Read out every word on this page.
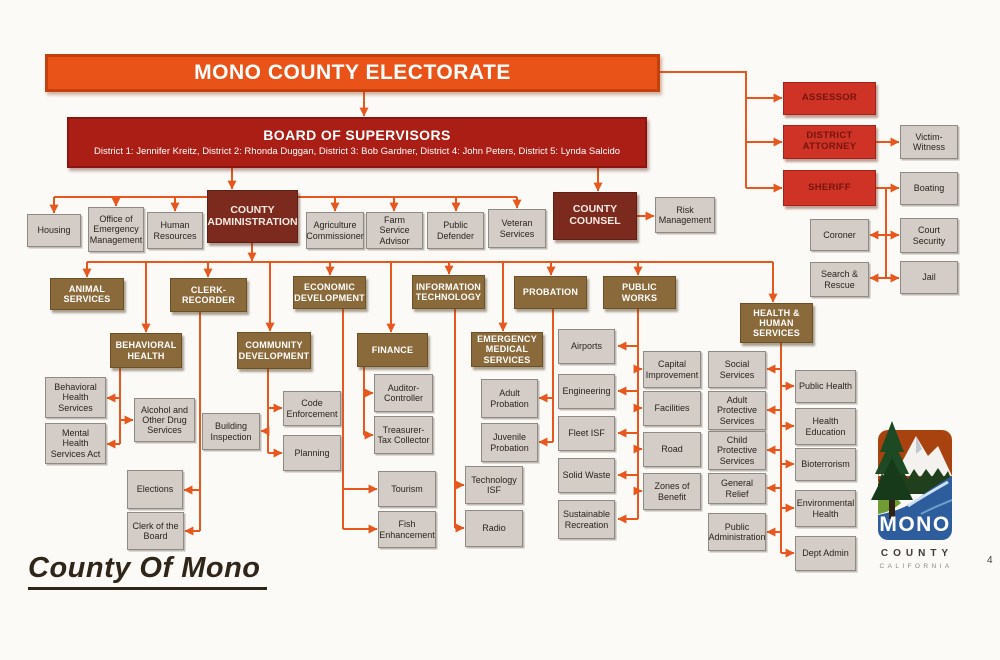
MONO COUNTY ELECTORATE
BOARD OF SUPERVISORS
District 1: Jennifer Kreitz, District 2: Rhonda Duggan, District 3: Bob Gardner, District 4: John Peters, District 5: Lynda Salcido
ASSESSOR
DISTRICT ATTORNEY
SHERIFF
Victim-Witness
Boating
Coroner	Court Security
Search & Rescue
Jail
Housing
Office of Emergency Management
Human Resources
COUNTY ADMINISTRATION	Agriculture Commissioner
Farm Service Advisor
Public Defender
Veteran Services
COUNTY COUNSEL
Risk Management
ANIMAL SERVICES
CLERK-RECORDER
ECONOMIC DEVELOPMENT
INFORMATION TECHNOLOGY	PROBATION
PUBLIC WORKS
HEALTH & HUMAN SERVICES
BEHAVIORAL HEALTH
COMMUNITY DEVELOPMENT
FINANCE
EMERGENCY MEDICAL SERVICES
Behavioral Health Services
Mental Health Services Act
Alcohol and Other Drug Services
Elections
Clerk of the Board
Building Inspection
Code Enforcement
Planning
Auditor-Controller
Treasurer-Tax Collector
Tourism
Fish Enhancement
Adult Probation
Juvenile Probation
Technology ISF
Radio
Airports
Engineering
Fleet ISF
Solid Waste
Sustainable Recreation
Capital Improvement
Facilities
Road
Zones of Benefit
Social Services
Adult Protective Services
Child Protective Services
General Relief
Public Administration
Public Health
Health Education
Bioterrorism
Environmental Health
Dept Admin
County Of Mono	4
MONO
COUNTY
CALIFORNIA
